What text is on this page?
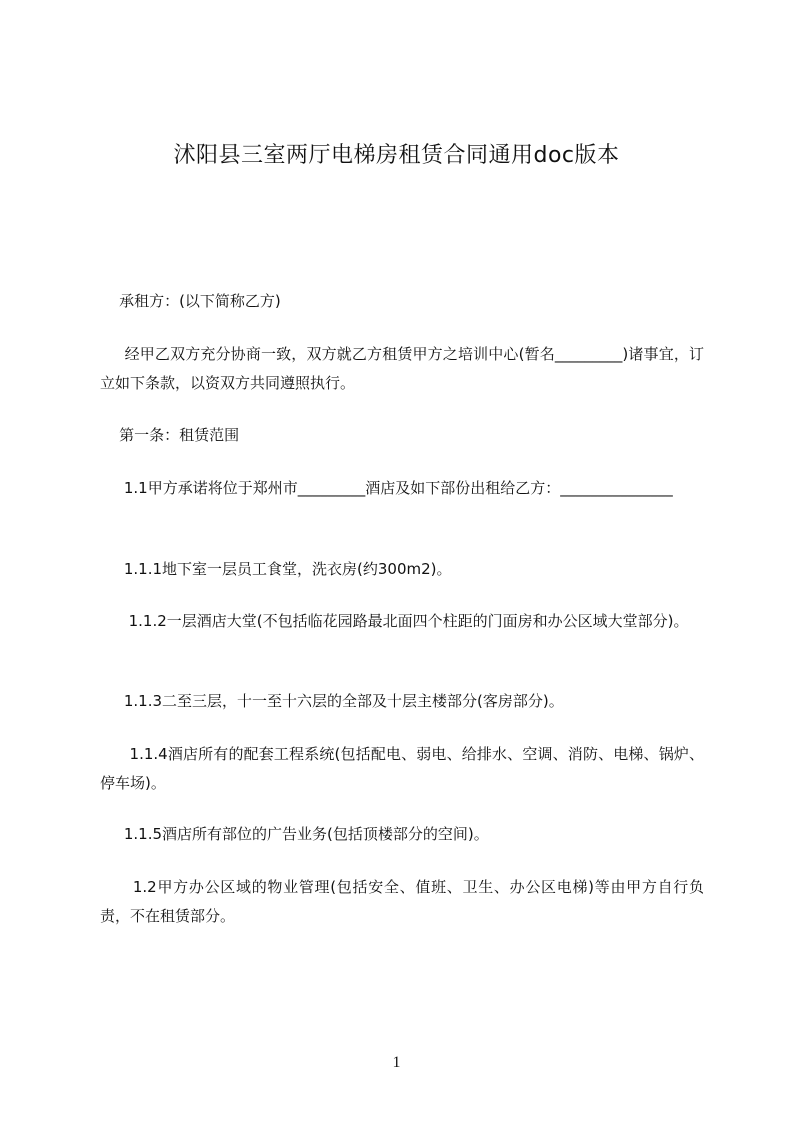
沭阳县三室两厅电梯房租赁合同通用doc版本

承租方：(以下简称乙方)

经甲乙双方充分协商一致，双方就乙方租赁甲方之培训中心(暂名_________)诸事宜，订立如下条款，以资双方共同遵照执行。

第一条：租赁范围

1.1甲方承诺将位于郑州市_________酒店及如下部份出租给乙方：_______________

1.1.1地下室一层员工食堂，洗衣房(约300m2)。

1.1.2一层酒店大堂(不包括临花园路最北面四个柱距的门面房和办公区域大堂部分)。

1.1.3二至三层，十一至十六层的全部及十层主楼部分(客房部分)。

1.1.4酒店所有的配套工程系统(包括配电、弱电、给排水、空调、消防、电梯、锅炉、停车场)。

1.1.5酒店所有部位的广告业务(包括顶楼部分的空间)。

1.2甲方办公区域的物业管理(包括安全、值班、卫生、办公区电梯)等由甲方自行负责，不在租赁部分。

1
